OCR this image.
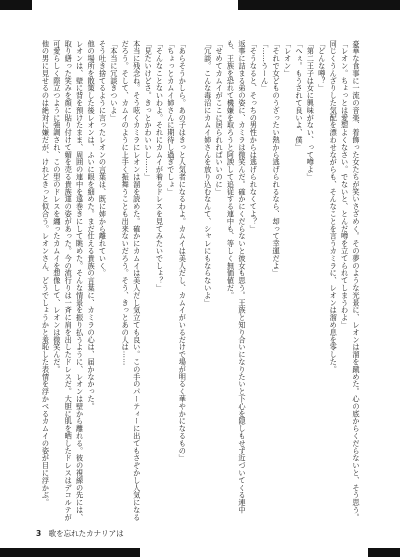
豪華な食事に一流の音楽、着飾った女たちが笑いさざめく。その夢のような光景に、レオンは溜を蹴めた。心の底からくだらないと、そう思う。

「レオン。ちょっとは愛想よくなさい。でないと、とんだ噂を立てられてしまうわよ」

同じくうんざりした気配を漂わせながらも、そんなことを言うカミラに、レオンは溜め息を零した。

「どんな噂？」

「第二王子は女に興味がない、って噂よ」

「へぇ。もうされて良いよ、僕」

「レオン」

「それで女どものうざったい熱から逃げられるなら、却って幸運だよ」

「……うーん」

「そうなると、そっちの男性からは逃げられなくてよ？」

返事に詰まる弟の姿に、カミラは微笑んだ。確かにくだらないと彼女も思う。王族と知り合いになりたいと下心を隠しもせず近づいてくる連中も、王族を恐れて機嫌を取ろうと阿諛して追従する連中も、等しく無価値だ。

「せめてカムイがここに居られればいいのに」

「冗談。こんな毒沼にカムイ姉さんを放り込むなんて、シャレにもならないよ」

「あらそうかしら。あの子はきっと人気者になるわよ。カムイは美人だし、カムイがいるだけで場が明るく華やかになるもの」

「ちょっとカムイ姉さんに期待し過ぎでしょ」

「そんなことないわよ。それにカムイが着るドレスを見てみたいでしょ？」

「見たいけどさ。きっとかわいいし……」

本当に残念ね。そう呟くカミラにレオンは溜を読めた。確かにカムイは美人だし気立ても良い。この手のパーティーに出てもさぞかし人気になるだろう。そして、カムイのように上手く振舞うことも出来ないだろう。そう、きっとあの人は……

「本当に冗談きついよ」

そう吐き捨てるように言ったレオンの言葉は、既に姉から離れていく。

他の場所を散策した後レオンは、ふいに眼を細めた。まだ仕える貴族の言葉に、カミラの心は、届かなかった。

レオンは、壁に背を預けたまま、周囲の連中を遠巻きにして眺めた。そんな情景を振り払うように、レオンは壁から離れる。彼の視線の先には、取り繕った笑みを顔に貼り付けて媚を売る貴族達の姿があった。今の流行りは一斉に肩を出したドレスだ。大胆に肌を晒したドレスはデコルテが可愛らしく際立つように強調され、この型のドレスを纏ったカムイを想像して、レオンは微笑んだ。

他の男に見せるのは絶対に嫌だが、けれどきっと似合う。レオンさん、どうでしょうかと羞恥した表情を浮かべるカムイの姿が目に浮かぶ。

3 歌を忘れたカナリアは
